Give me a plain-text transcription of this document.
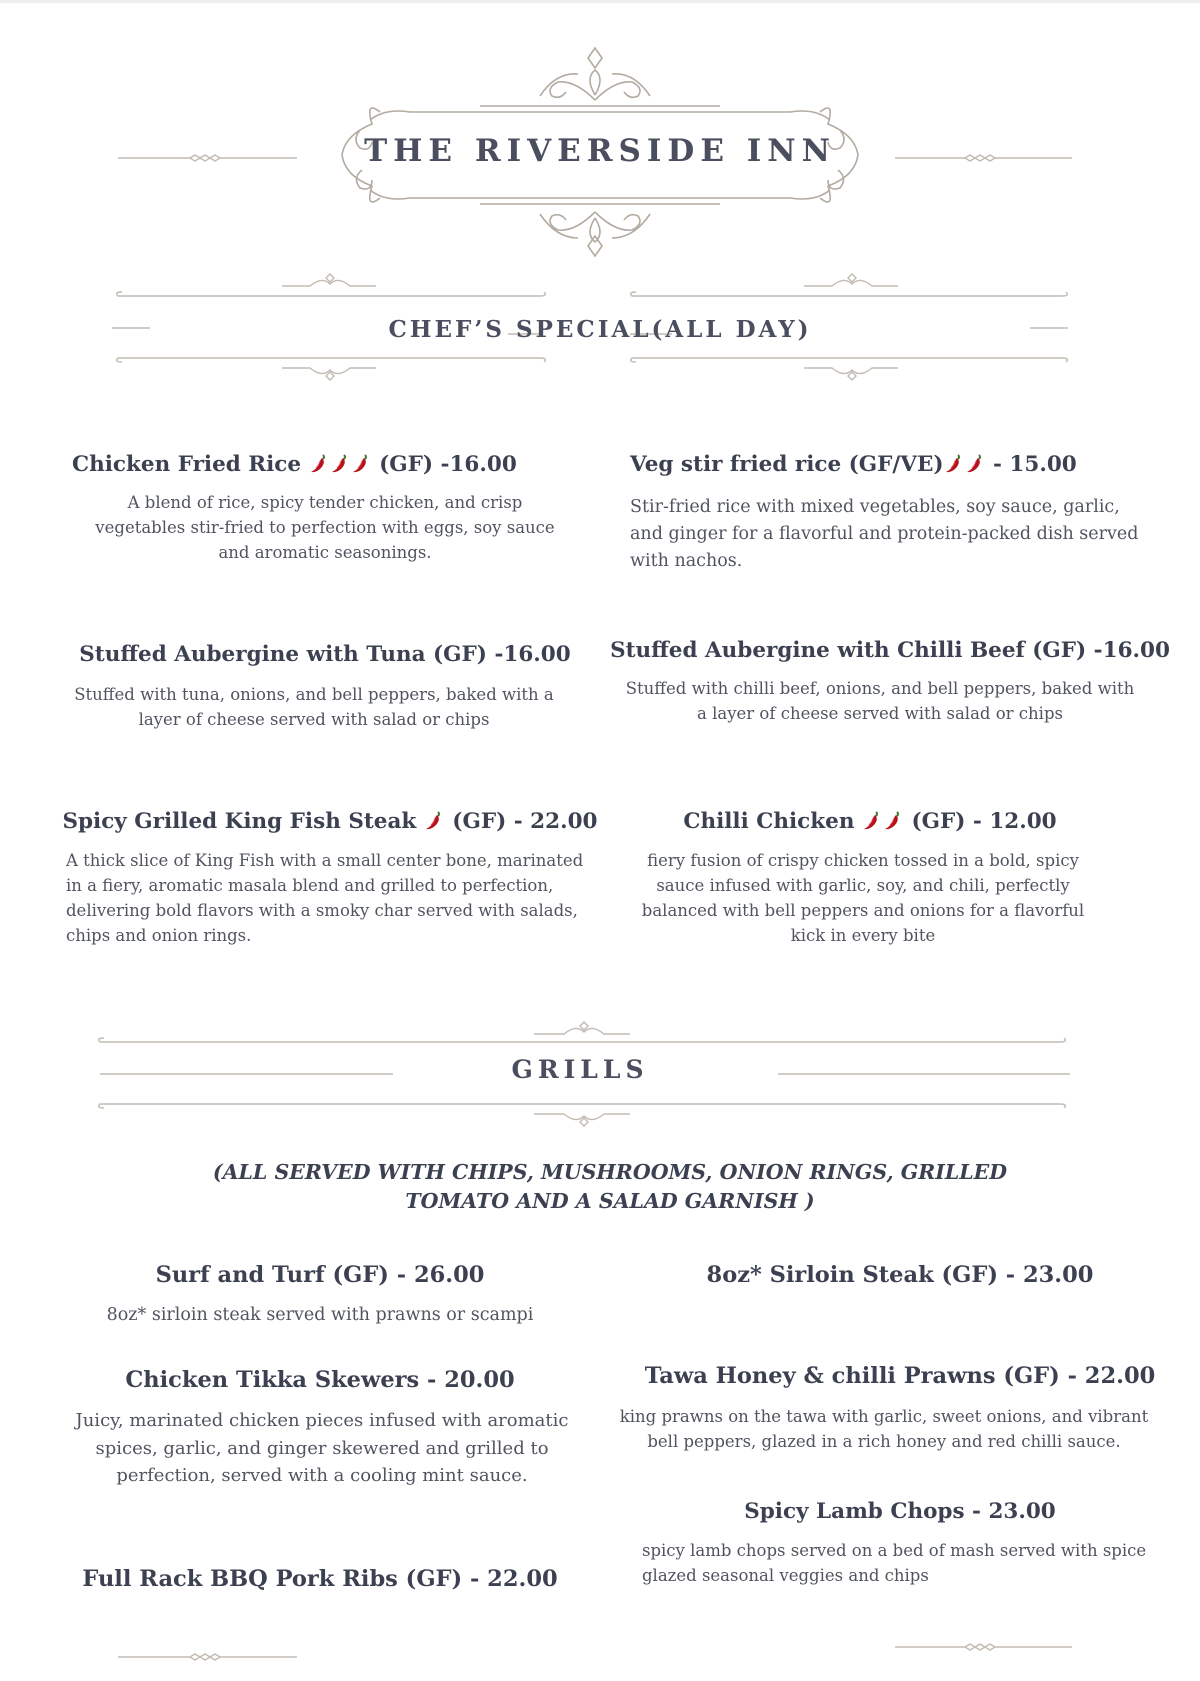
THE RIVERSIDE INN
CHEF’S SPECIAL(ALL DAY)
Chicken Fried Rice	(GF) -16.00
A blend of rice, spicy tender chicken, and crisp vegetables stir-fried to perfection with eggs, soy sauce and aromatic seasonings.
Veg stir fried rice (GF/VE) - 15.00
Stir-fried rice with mixed vegetables, soy sauce, garlic, and ginger for a flavorful and protein-packed dish served with nachos.
Stuffed Aubergine with Tuna (GF) -16.00
Stuffed with tuna, onions, and bell peppers, baked with a layer of cheese served with salad or chips
Stuffed Aubergine with Chilli Beef (GF) -16.00
Stuffed with chilli beef, onions, and bell peppers, baked with a layer of cheese served with salad or chips
Spicy Grilled King Fish Steak (GF) - 22.00
A thick slice of King Fish with a small center bone, marinated in a fiery, aromatic masala blend and grilled to perfection, delivering bold flavors with a smoky char served with salads, chips and onion rings.
Chilli Chicken	(GF) - 12.00
fiery fusion of crispy chicken tossed in a bold, spicy sauce infused with garlic, soy, and chili, perfectly balanced with bell peppers and onions for a flavorful kick in every bite
GRILLS
(ALL SERVED WITH CHIPS, MUSHROOMS, ONION RINGS, GRILLED TOMATO AND A SALAD GARNISH )
Surf and Turf (GF) - 26.00
8oz* sirloin steak served with prawns or scampi
8oz* Sirloin Steak (GF) - 23.00
Chicken Tikka Skewers - 20.00
Juicy, marinated chicken pieces infused with aromatic spices, garlic, and ginger skewered and grilled to perfection, served with a cooling mint sauce.
Tawa Honey & chilli Prawns (GF) - 22.00
king prawns on the tawa with garlic, sweet onions, and vibrant bell peppers, glazed in a rich honey and red chilli sauce.
Spicy Lamb Chops - 23.00
spicy lamb chops served on a bed of mash served with spice glazed seasonal veggies and chips
Full Rack BBQ Pork Ribs (GF) - 22.00
